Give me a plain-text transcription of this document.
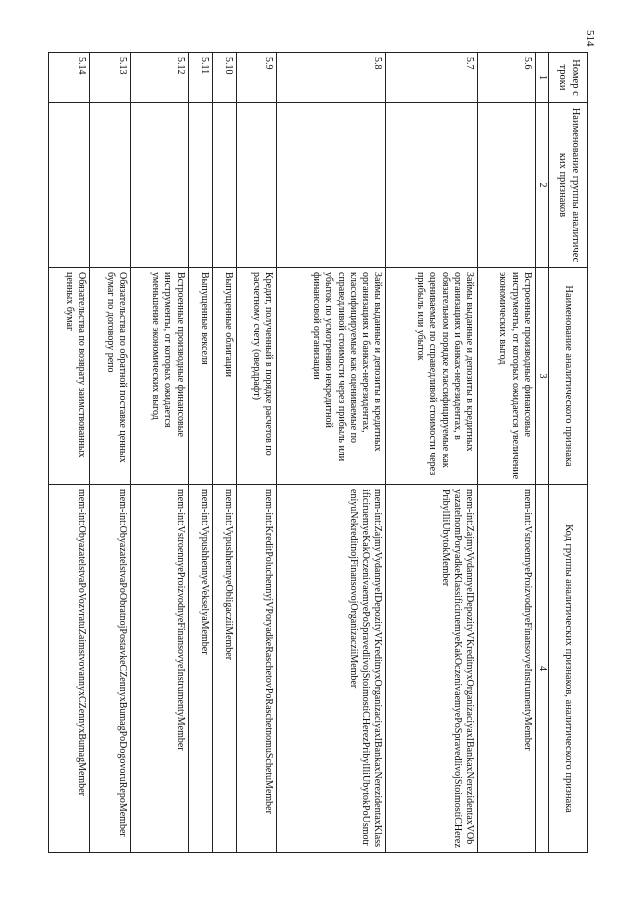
514
Номер строки	Наименование группы аналитических признаков	Наименование аналитического признака	Код группы аналитических признаков, аналитического признака
1	2	3	4
5.6		Встроенные производные финансовые инструменты, от которых ожидается увеличение экономических выгод	mem-int:VstroennyeProizvodnyeFinansovyeInstrumentyMember
5.7		Займы выданные и депозиты в кредитных организациях и банках-нерезидентах, в обязательном порядке классифицируемые как оцениваемые по справедливой стоимости через прибыль или убыток	mem-int:ZajmyVydannyeIDepozityVKreditnyxOrganizaciyaxIBankaxNerezidentaxVObyazatelnomPoryadkeKlassificiruemyeKakOczenivaemyePoSpravedlivojStoimostiCHerezPribylIliUbytokMember
5.8		Займы выданные и депозиты в кредитных организациях и банках-нерезидентах, классифицируемые как оцениваемые по справедливой стоимости через прибыль или убыток по усмотрению некредитной финансовой организации	mem-int:ZajmyVydannyeIDepozityVKreditnyxOrganizaciyaxIBankaxNerezidentaxKlassificiruemyeKakOczenivaemyePoSpravedlivojStoimostiCHerezPribylIliUbytokPoUsmotreniyuNekreditnojFinansovojOrganizacziiMember
5.9		Кредит, полученный в порядке расчетов по расчетному счету (овердрафт)	mem-int:KreditPoluchennyjVPoryadkeRaschetovPoRaschetnomuSchetuMember
5.10		Выпущенные облигации	mem-int:VypushhennyeObligacziiMember
5.11		Выпущенные векселя	mem-int:VypushhennyeVekselyaMember
5.12		Встроенные производные финансовые инструменты, от которых ожидается уменьшение экономических выгод	mem-int:VstroennyeProizvodnyeFinansovyeInstrumentyMember
5.13		Обязательства по обратной поставке ценных бумаг по договору репо	mem-int:ObyazatelstvaPoObratnojPostavkeCZennyxBumagPoDogovoruRepoMember
5.14		Обязательства по возврату заимствованных ценных бумаг	mem-int:ObyazatelstvaPoVozvratuZaimstvovannyxCZennyxBumagMember
